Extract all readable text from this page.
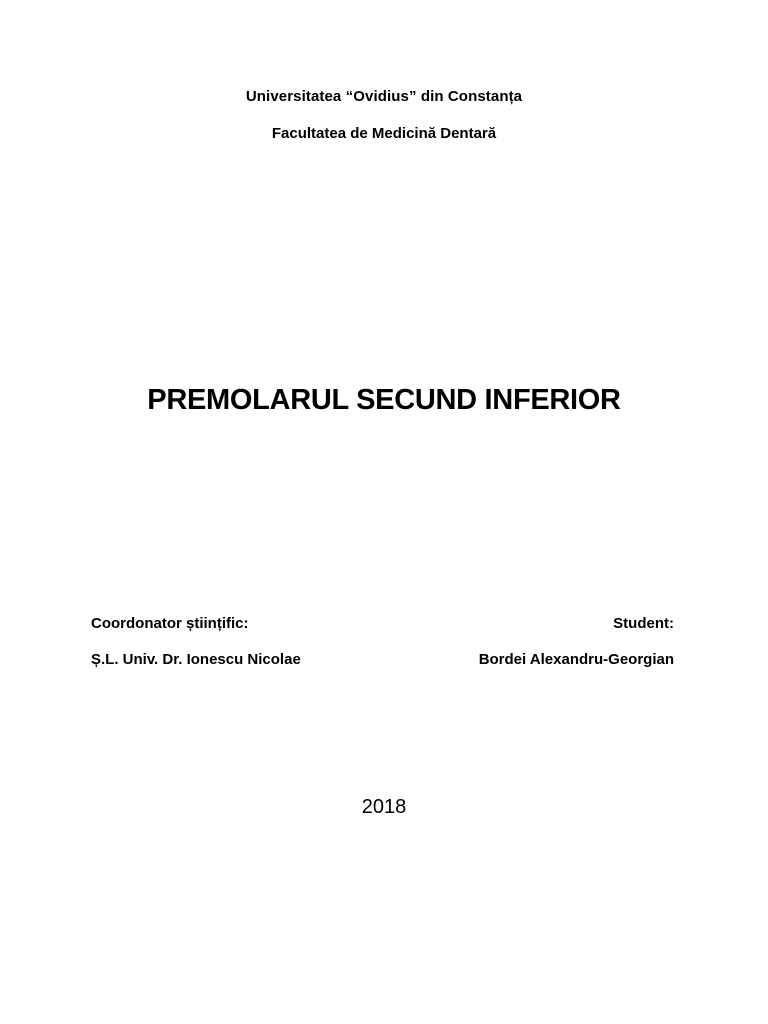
Universitatea “Ovidius” din Constanța
Facultatea de Medicină Dentară
PREMOLARUL SECUND INFERIOR
Coordonator științific:	Student:
Ș.L. Univ. Dr. Ionescu Nicolae	Bordei Alexandru-Georgian
2018
